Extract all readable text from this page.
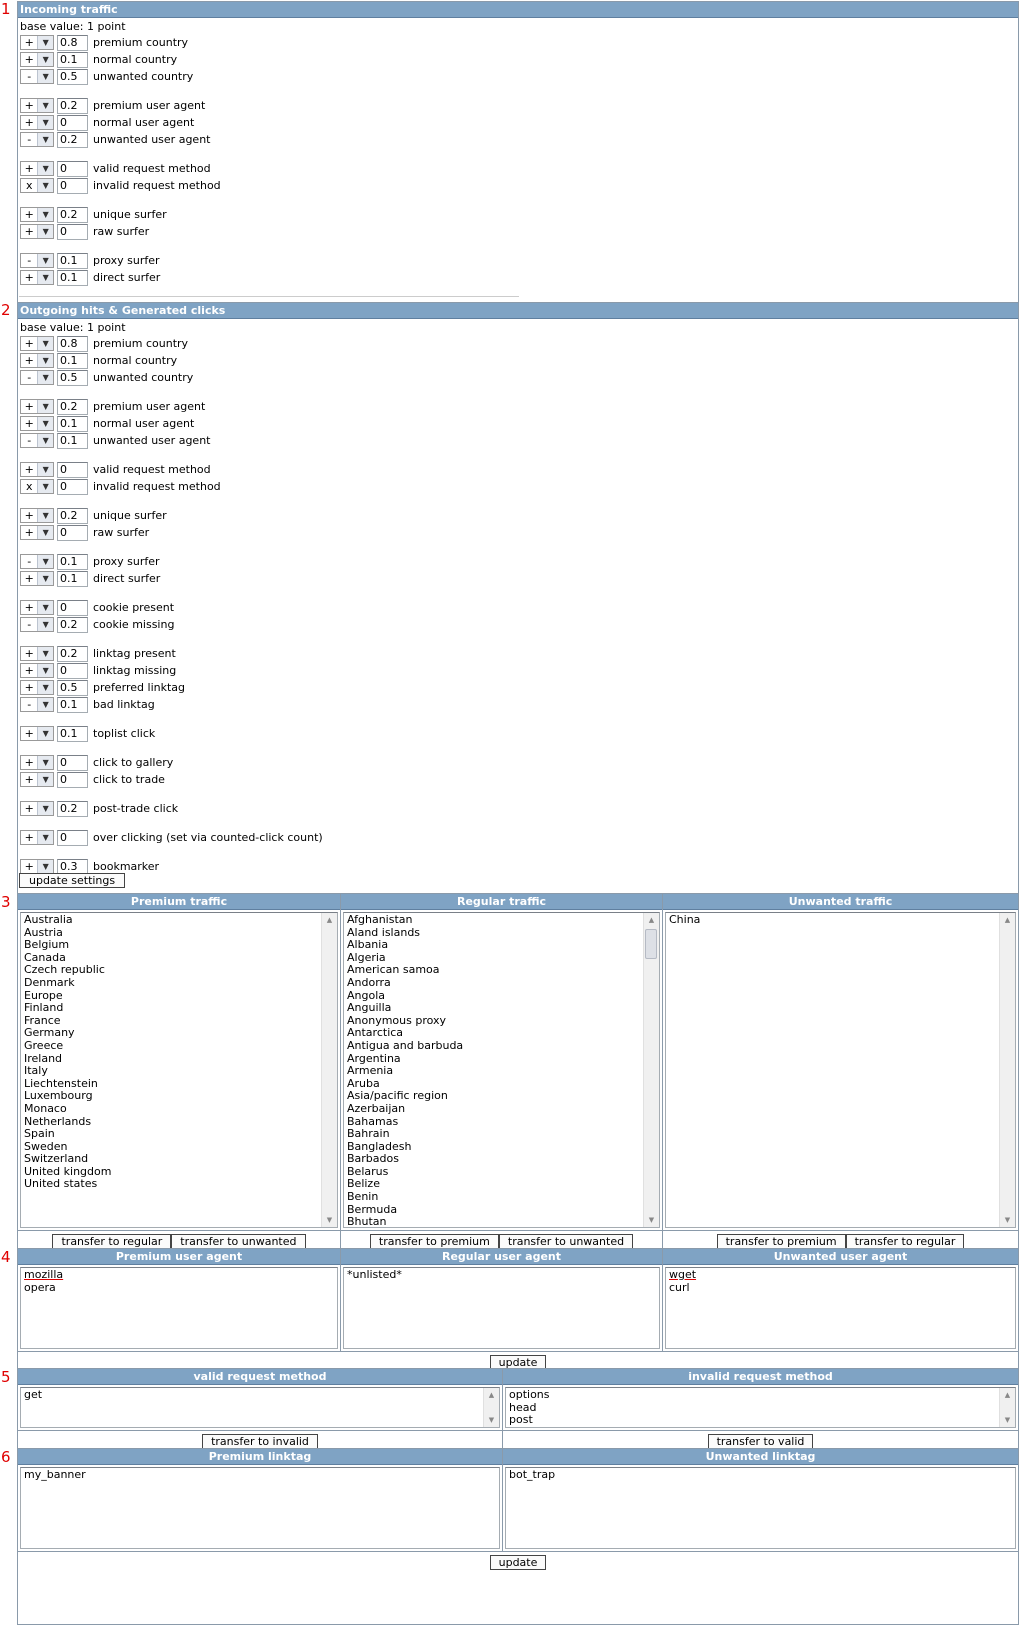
1
2
3
4
5
6
Incoming traffic
base value: 1 point
+	▼	0.8	premium country
+	▼	0.1	normal country
-	▼	0.5	unwanted country
+	▼	0.2	premium user agent
+	▼	0	normal user agent
-	▼	0.2	unwanted user agent
+	▼	0	valid request method
x	▼	0	invalid request method
+	▼	0.2	unique surfer
+	▼	0	raw surfer
-	▼	0.1	proxy surfer
+	▼	0.1	direct surfer
Outgoing hits & Generated clicks
base value: 1 point
+	▼	0.8	premium country
+	▼	0.1	normal country
-	▼	0.5	unwanted country
+	▼	0.2	premium user agent
+	▼	0.1	normal user agent
-	▼	0.1	unwanted user agent
+	▼	0	valid request method
x	▼	0	invalid request method
+	▼	0.2	unique surfer
+	▼	0	raw surfer
-	▼	0.1	proxy surfer
+	▼	0.1	direct surfer
+	▼	0	cookie present
-	▼	0.2	cookie missing
+	▼	0.2	linktag present
+	▼	0	linktag missing
+	▼	0.5	preferred linktag
-	▼	0.1	bad linktag
+	▼	0.1	toplist click
+	▼	0	click to gallery
+	▼	0	click to trade
+	▼	0.2	post-trade click
+	▼	0	over clicking (set via counted-click count)
+	▼	0.3	bookmarker
update settings
Premium traffic
Australia
Austria
Belgium
Canada
Czech republic
Denmark
Europe
Finland
France
Germany
Greece
Ireland
Italy
Liechtenstein
Luxembourg
Monaco
Netherlands
Spain
Sweden
Switzerland
United kingdom
United states
▲
▼
transfer to regular	transfer to unwanted
Regular traffic
Afghanistan
Aland islands
Albania
Algeria
American samoa
Andorra
Angola
Anguilla
Anonymous proxy
Antarctica
Antigua and barbuda
Argentina
Armenia
Aruba
Asia/pacific region
Azerbaijan
Bahamas
Bahrain
Bangladesh
Barbados
Belarus
Belize
Benin
Bermuda
Bhutan
▲
▼
transfer to premium	transfer to unwanted
Unwanted traffic
China	▲
▼
transfer to premium	transfer to regular
Premium user agent
mozilla
opera
Regular user agent
*unlisted*
Unwanted user agent
wget
curl
update
valid request method
get	▲
▼
transfer to invalid
invalid request method
options
head
post
▲
▼
transfer to valid
Premium linktag
my_banner
Unwanted linktag
bot_trap
update
